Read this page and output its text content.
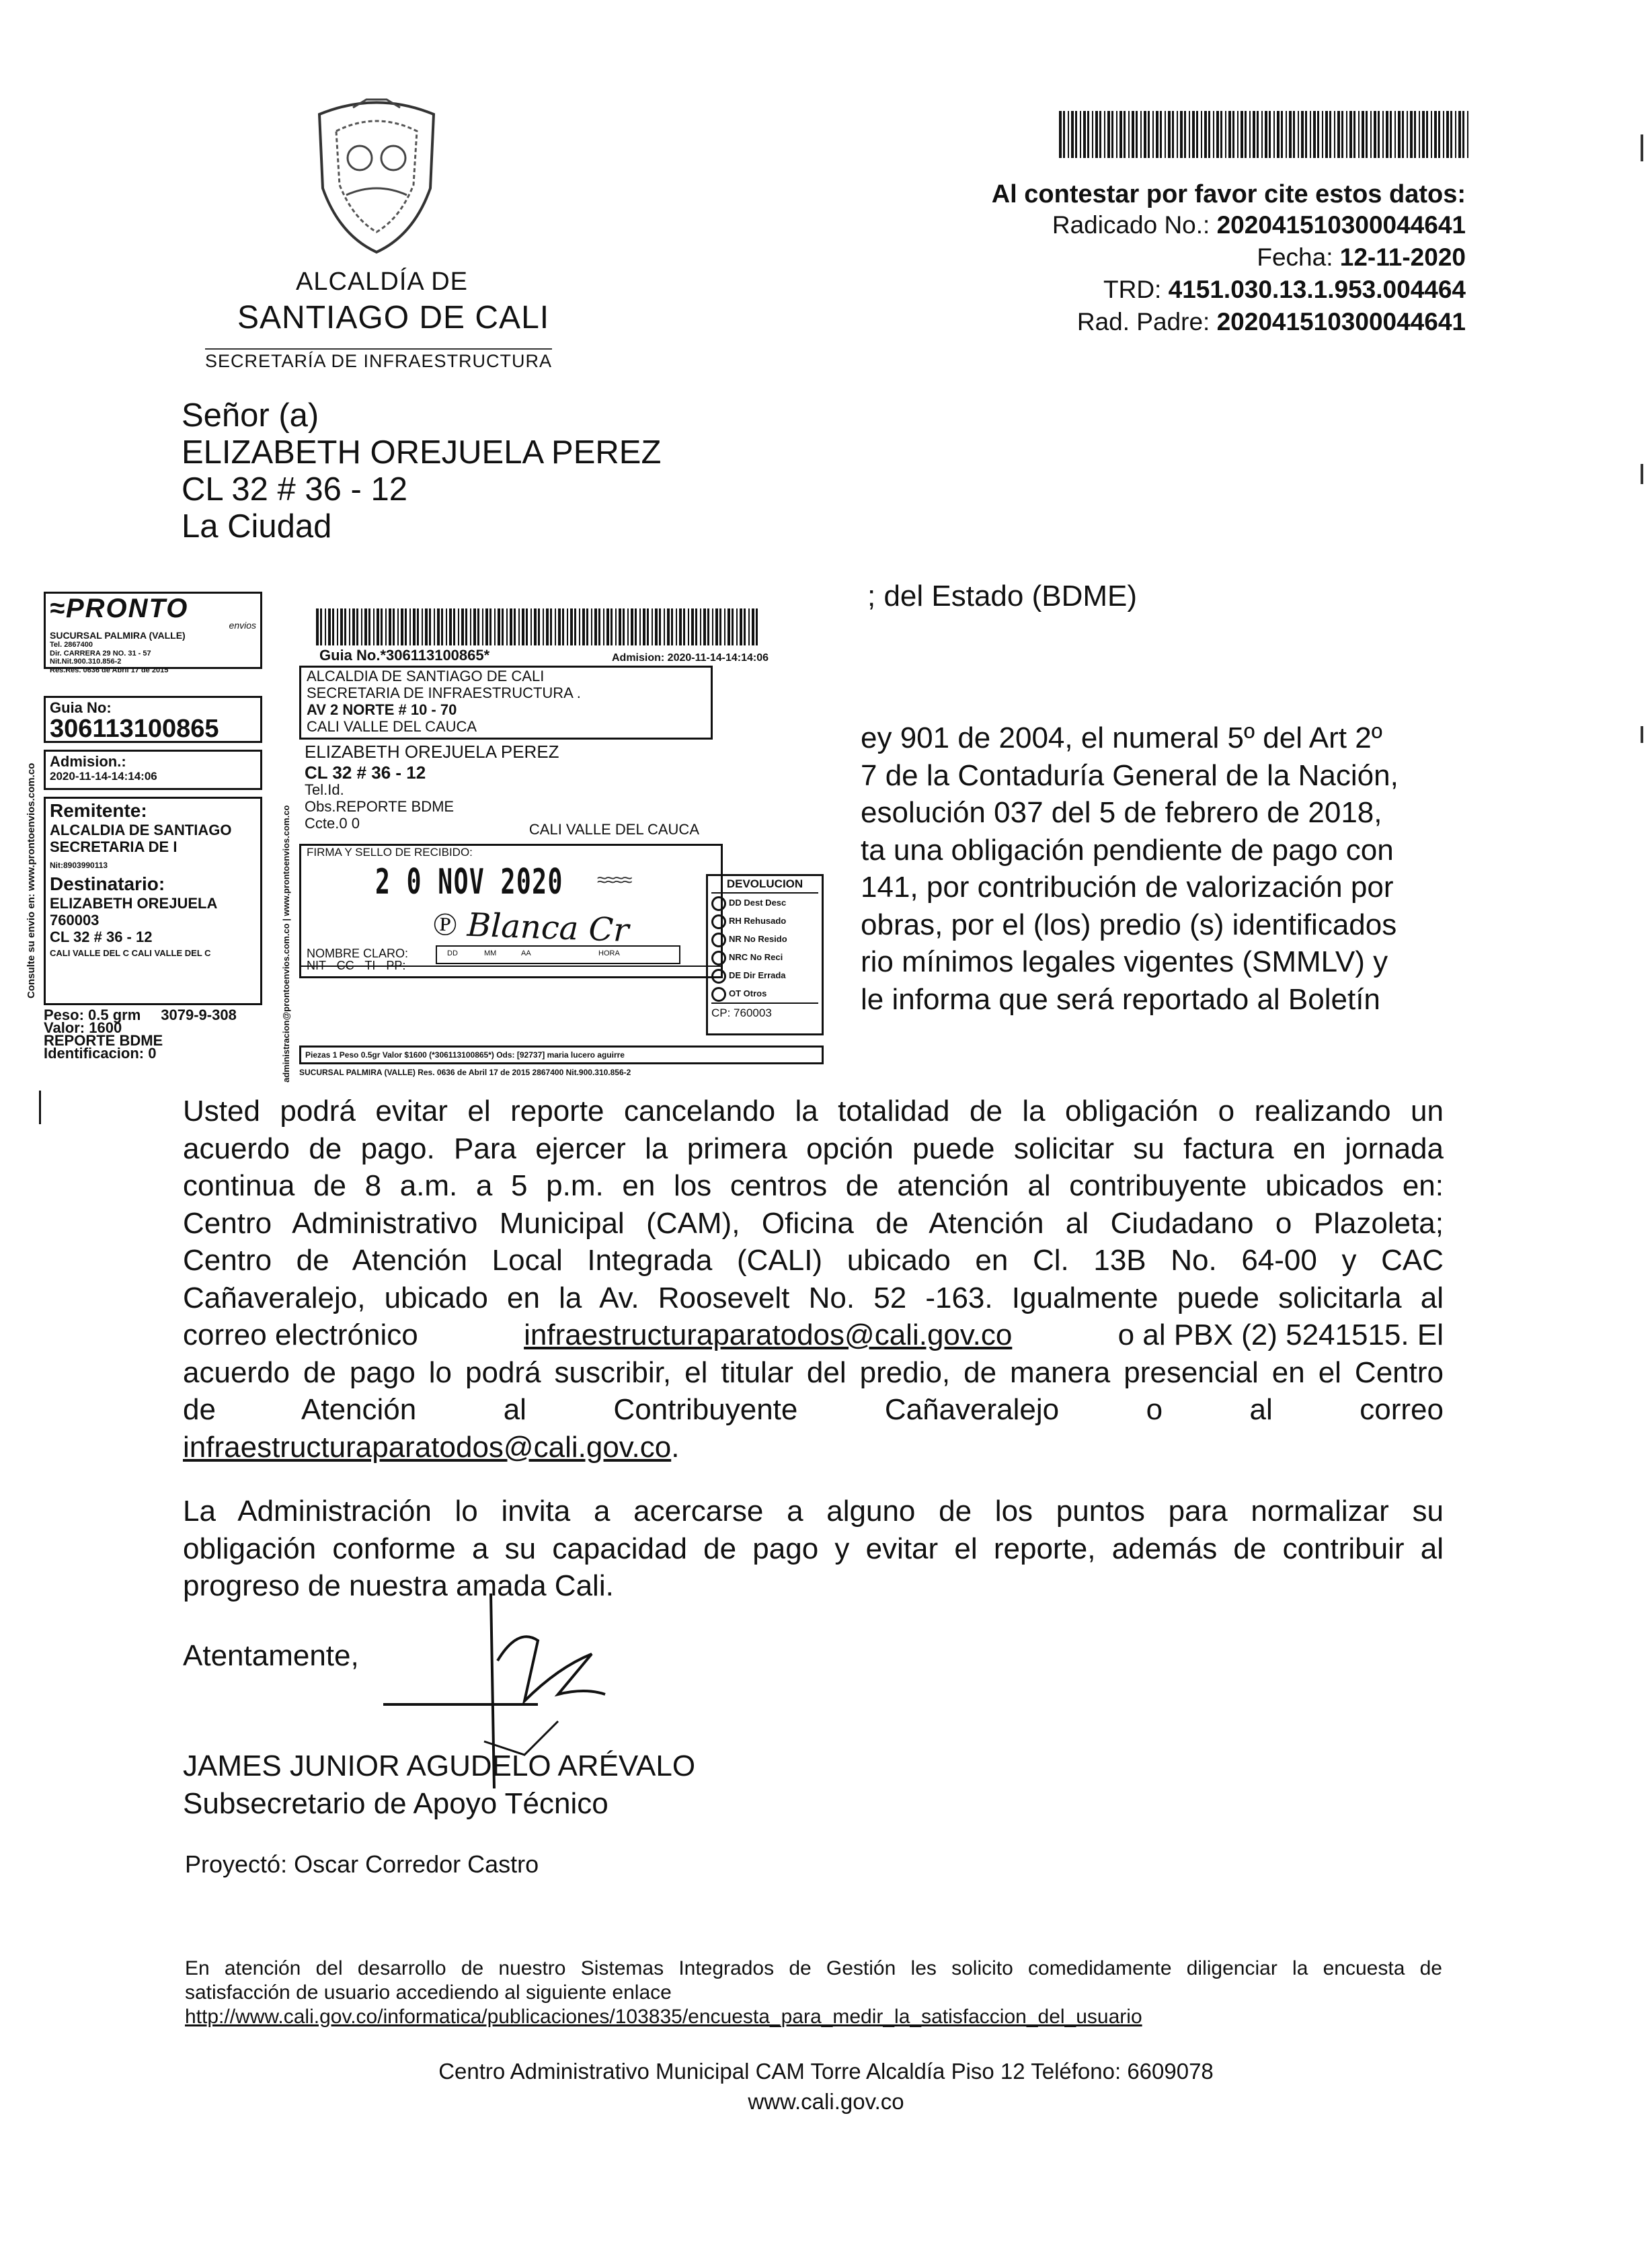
ALCALDÍA DE
SANTIAGO DE CALI
SECRETARÍA DE INFRAESTRUCTURA
Al contestar por favor cite estos datos:
Radicado No.: 202041510300044641
Fecha: 12-11-2020
TRD: 4151.030.13.1.953.004464
Rad. Padre: 202041510300044641
Señor (a)
ELIZABETH OREJUELA PEREZ
CL 32 # 36 - 12
La Ciudad
; del Estado (BDME)
ey 901 de 2004, el numeral 5º del Art 2º
7 de la Contaduría General de la Nación,
esolución 037 del 5 de febrero de 2018,
ta una obligación pendiente de pago con
141, por contribución de valorización por
obras, por el (los) predio (s) identificados
rio mínimos legales vigentes (SMMLV) y
le informa que será reportado al Boletín
≈PRONTO
envios
SUCURSAL PALMIRA (VALLE)
Tel. 2867400
Dir. CARRERA 29 NO. 31 - 57
Nit.Nit.900.310.856-2
Res.Res. 0636 de Abril 17 de 2015
Guia No:
306113100865
Admision.:
2020-11-14-14:14:06
Remitente:
ALCALDIA DE SANTIAGO
SECRETARIA DE I
Nit:8903990113
Destinatario:
ELIZABETH OREJUELA
760003
CL 32 # 36 - 12
CALI VALLE DEL C CALI VALLE DEL C
Peso: 0.5 grm 3079-9-308
Valor: 1600
REPORTE BDME
Identificacion: 0
Consulte su envio en: www.prontoenvios.com.co
Guia No.*306113100865*	Admision: 2020-11-14-14:14:06
ALCALDIA DE SANTIAGO DE CALI
SECRETARIA DE INFRAESTRUCTURA .
AV 2 NORTE # 10 - 70
CALI VALLE DEL CAUCA
ELIZABETH OREJUELA PEREZ
CL 32 # 36 - 12
Tel.Id.
Obs.REPORTE BDME
Ccte.0 0	CALI VALLE DEL CAUCA
FIRMA Y SELLO DE RECIBIDO:
2 0 NOV 2020 ≈≈≈≈
℗ Blanca Cr
NOMBRE CLARO:
NIT - CC - TI - PP:
DD	MM	AA	HORA
DEVOLUCION
DD Dest Desc
RH Rehusado
NR No Resido
NRC No Reci
DE Dir Errada
OT Otros
CP: 760003
Piezas 1 Peso 0.5gr Valor $1600 (*306113100865*) Ods: [92737] maria lucero aguirre
SUCURSAL PALMIRA (VALLE) Res. 0636 de Abril 17 de 2015 2867400 Nit.900.310.856-2
administracion@prontoenvios.com.co | www.prontoenvios.com.co
Usted podrá evitar el reporte cancelando la totalidad de la obligación o realizando un
acuerdo de pago. Para ejercer la primera opción puede solicitar su factura en jornada
continua de 8 a.m. a 5 p.m. en los centros de atención al contribuyente ubicados en:
Centro Administrativo Municipal (CAM), Oficina de Atención al Ciudadano o Plazoleta;
Centro de Atención Local Integrada (CALI) ubicado en Cl. 13B No. 64-00 y CAC
Cañaveralejo, ubicado en la Av. Roosevelt No. 52 -163. Igualmente puede solicitarla al
correo electrónico	infraestructuraparatodos@cali.gov.co	o al PBX (2) 5241515. El
acuerdo de pago lo podrá suscribir, el titular del predio, de manera presencial en el Centro
de        Atención        al        Contribuyente        Cañaveralejo        o        al        correo
infraestructuraparatodos@cali.gov.co.
La Administración lo invita a acercarse a alguno de los puntos para normalizar su
obligación conforme a su capacidad de pago y evitar el reporte, además de contribuir al
progreso de nuestra amada Cali.
Atentamente,
JAMES JUNIOR AGUDELO ARÉVALO
Subsecretario de Apoyo Técnico
Proyectó: Oscar Corredor Castro
En atención del desarrollo de nuestro Sistemas Integrados de Gestión les solicito comedidamente diligenciar la encuesta de
satisfacción de usuario accediendo al siguiente enlace
http://www.cali.gov.co/informatica/publicaciones/103835/encuesta_para_medir_la_satisfaccion_del_usuario
Centro Administrativo Municipal CAM Torre Alcaldía Piso 12 Teléfono: 6609078
www.cali.gov.co
